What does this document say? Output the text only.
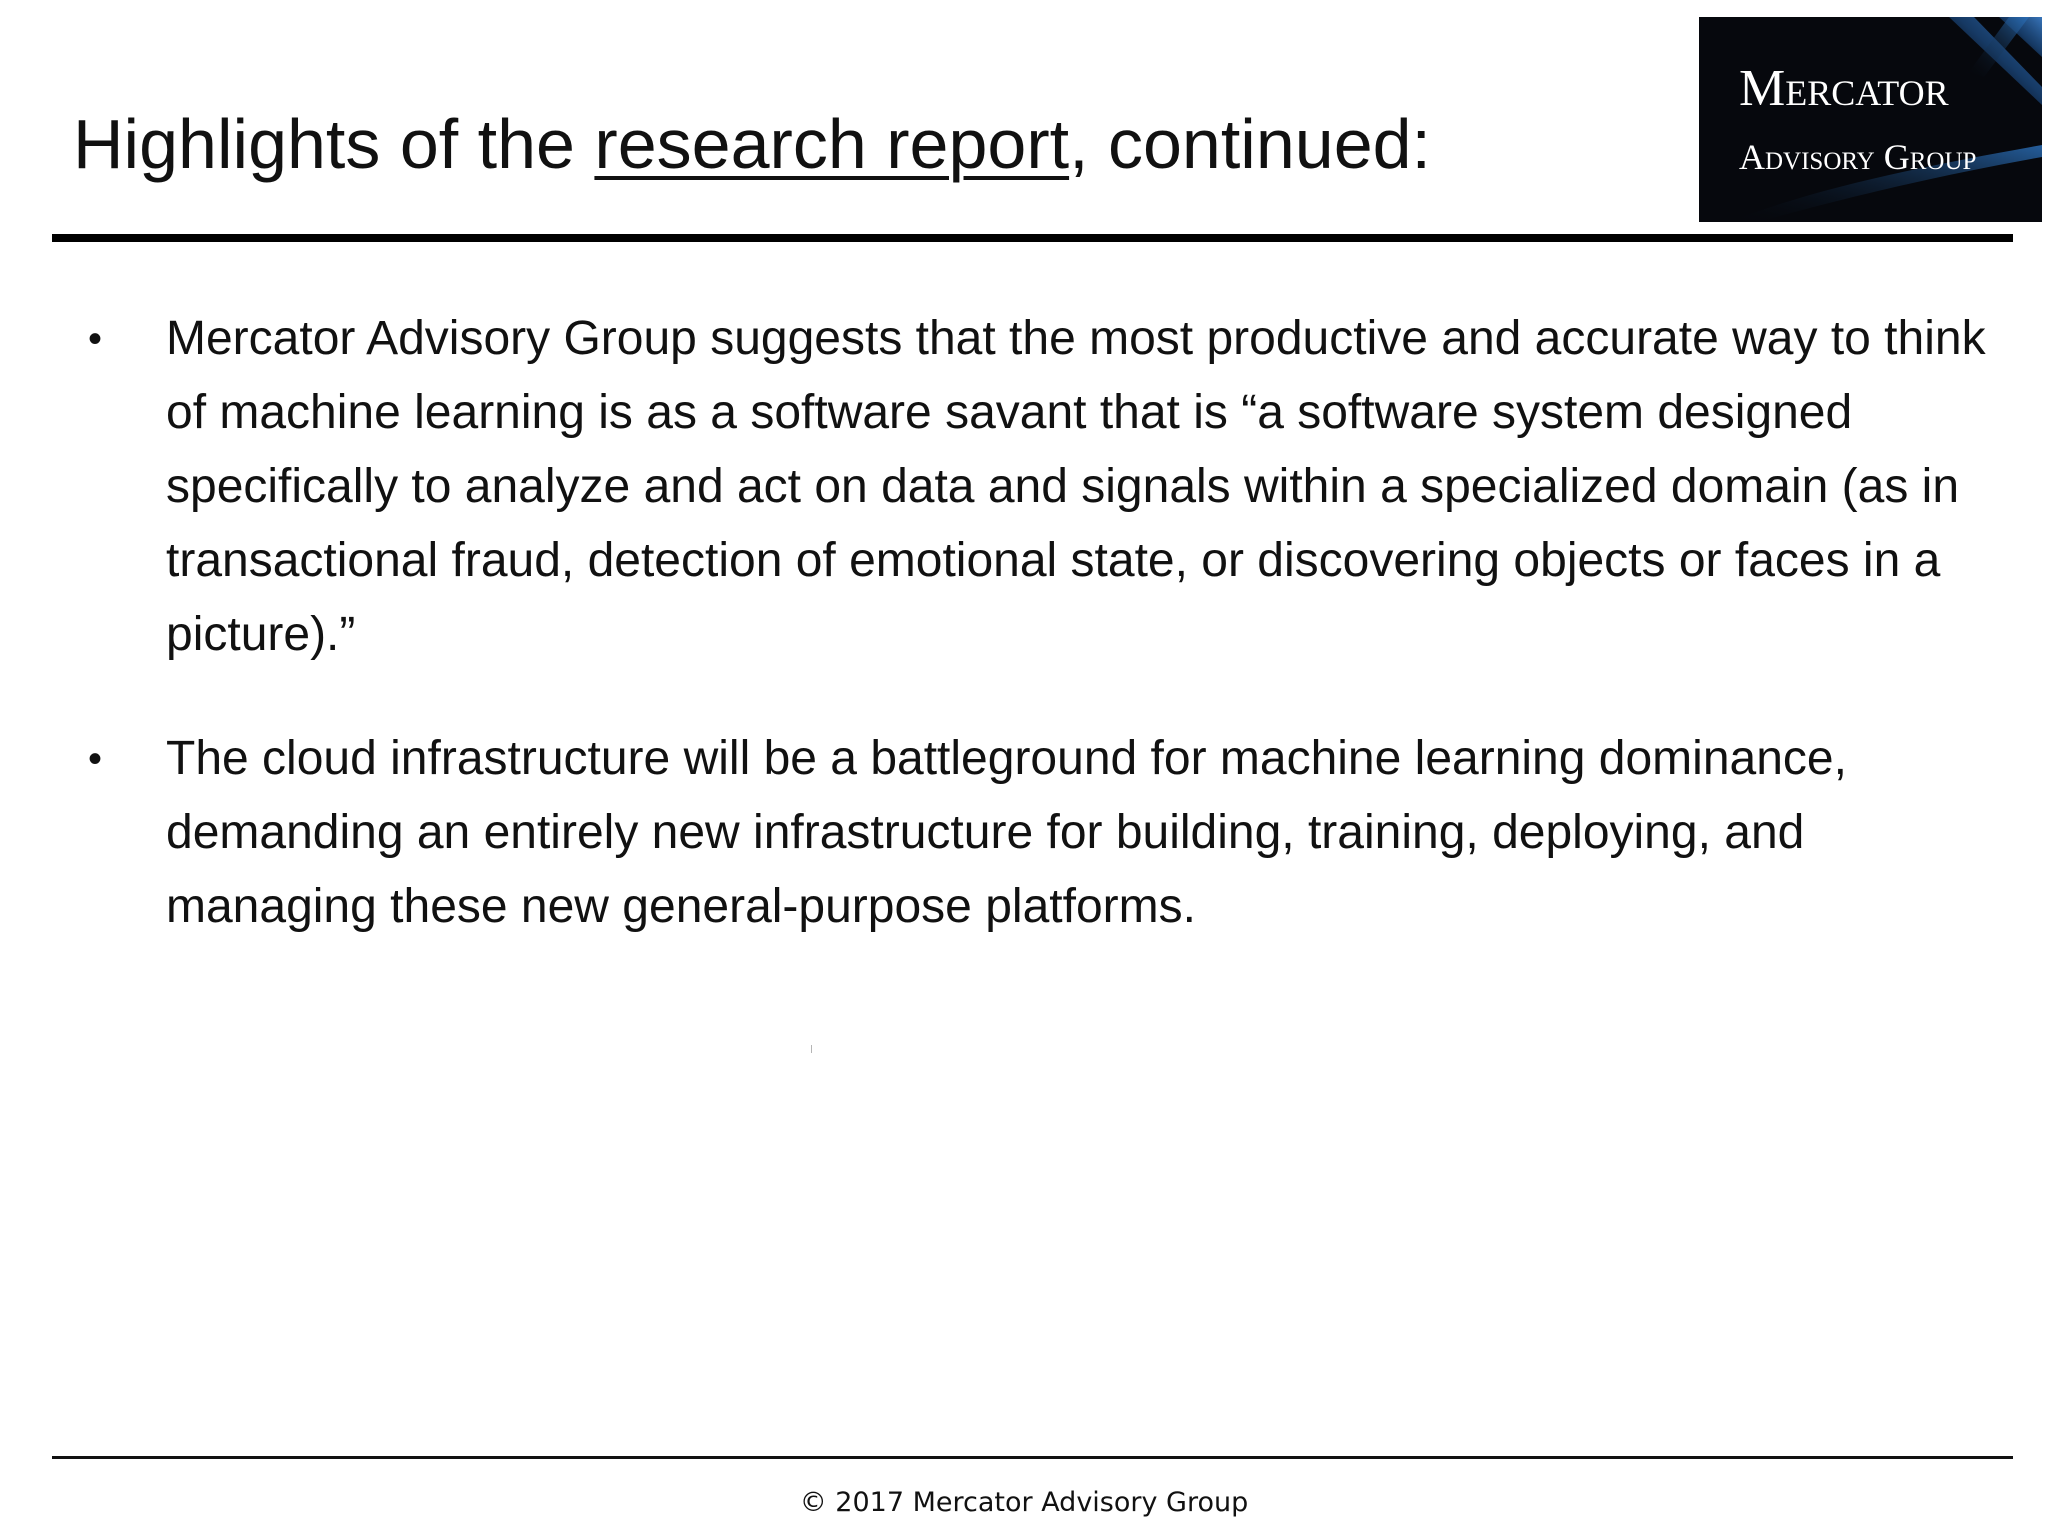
Highlights of the research report, continued:
Mercator
Advisory Group
• Mercator Advisory Group suggests that the most productive and accurate way to think of machine learning is as a software savant that is “a software system designed specifically to analyze and act on data and signals within a specialized domain (as in transactional fraud, detection of emotional state, or discovering objects or faces in a picture).”
• The cloud infrastructure will be a battleground for machine learning dominance, demanding an entirely new infrastructure for building, training, deploying, and managing these new general-purpose platforms.
© 2017 Mercator Advisory Group
